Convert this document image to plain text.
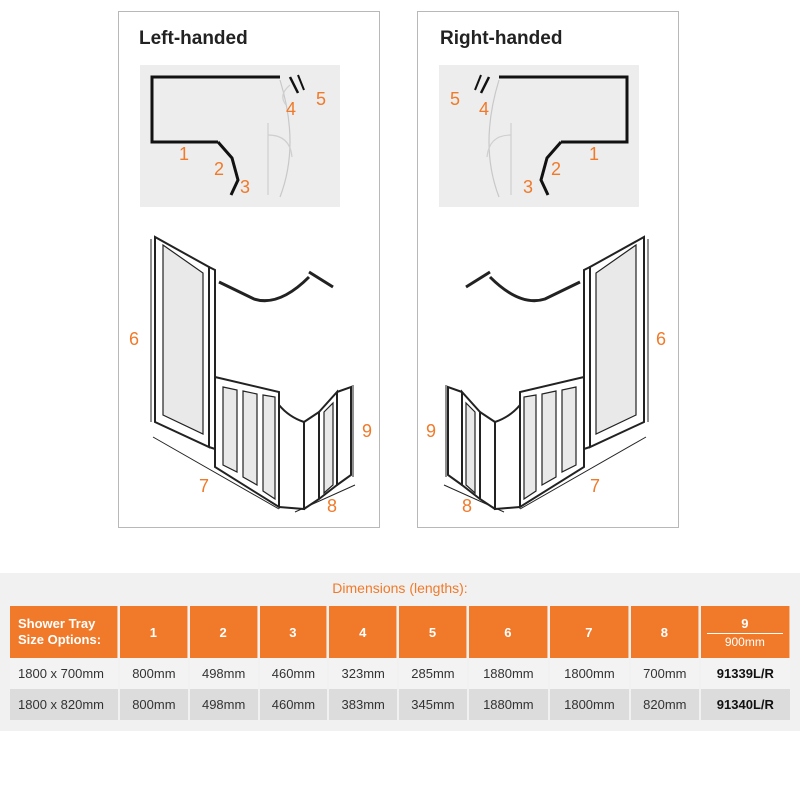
Left-handed
1
2
3
4 5
6
7
8
9
Right-handed
1
2
3
4
5
6
7
8
9
Dimensions (lengths):
Shower Tray
Size Options:	1	2	3	4	5	6	7	8	9
900mm

1800 x 700mm	800mm	498mm	460mm	323mm	285mm	1880mm	1800mm	700mm	91339L/R
1800 x 820mm	800mm	498mm	460mm	383mm	345mm	1880mm	1800mm	820mm	91340L/R
